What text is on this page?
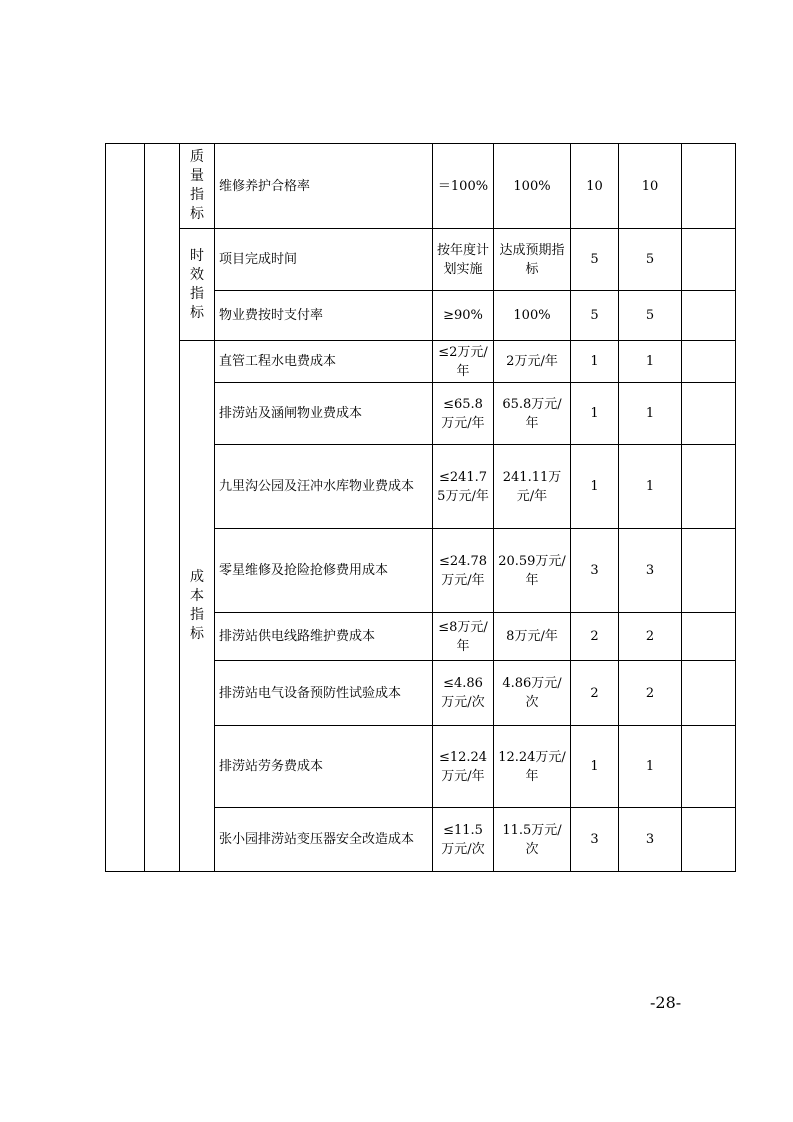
		质量指标	维修养护合格率	＝100%	100%	10	10	
		时效指标	项目完成时间	按年度计划实施	达成预期指标	5	5	
			物业费按时支付率	≥90%	100%	5	5	
		成本指标	直管工程水电费成本	≤2万元/年	2万元/年	1	1	
			排涝站及涵闸物业费成本	≤65.8万元/年	65.8万元/年	1	1	
			九里沟公园及汪冲水库物业费成本	≤241.75万元/年	241.11万元/年	1	1	
			零星维修及抢险抢修费用成本	≤24.78万元/年	20.59万元/年	3	3	
			排涝站供电线路维护费成本	≤8万元/年	8万元/年	2	2	
			排涝站电气设备预防性试验成本	≤4.86万元/次	4.86万元/次	2	2	
			排涝站劳务费成本	≤12.24万元/年	12.24万元/年	1	1	
			张小园排涝站变压器安全改造成本	≤11.5万元/次	11.5万元/次	3	3	
-28-
